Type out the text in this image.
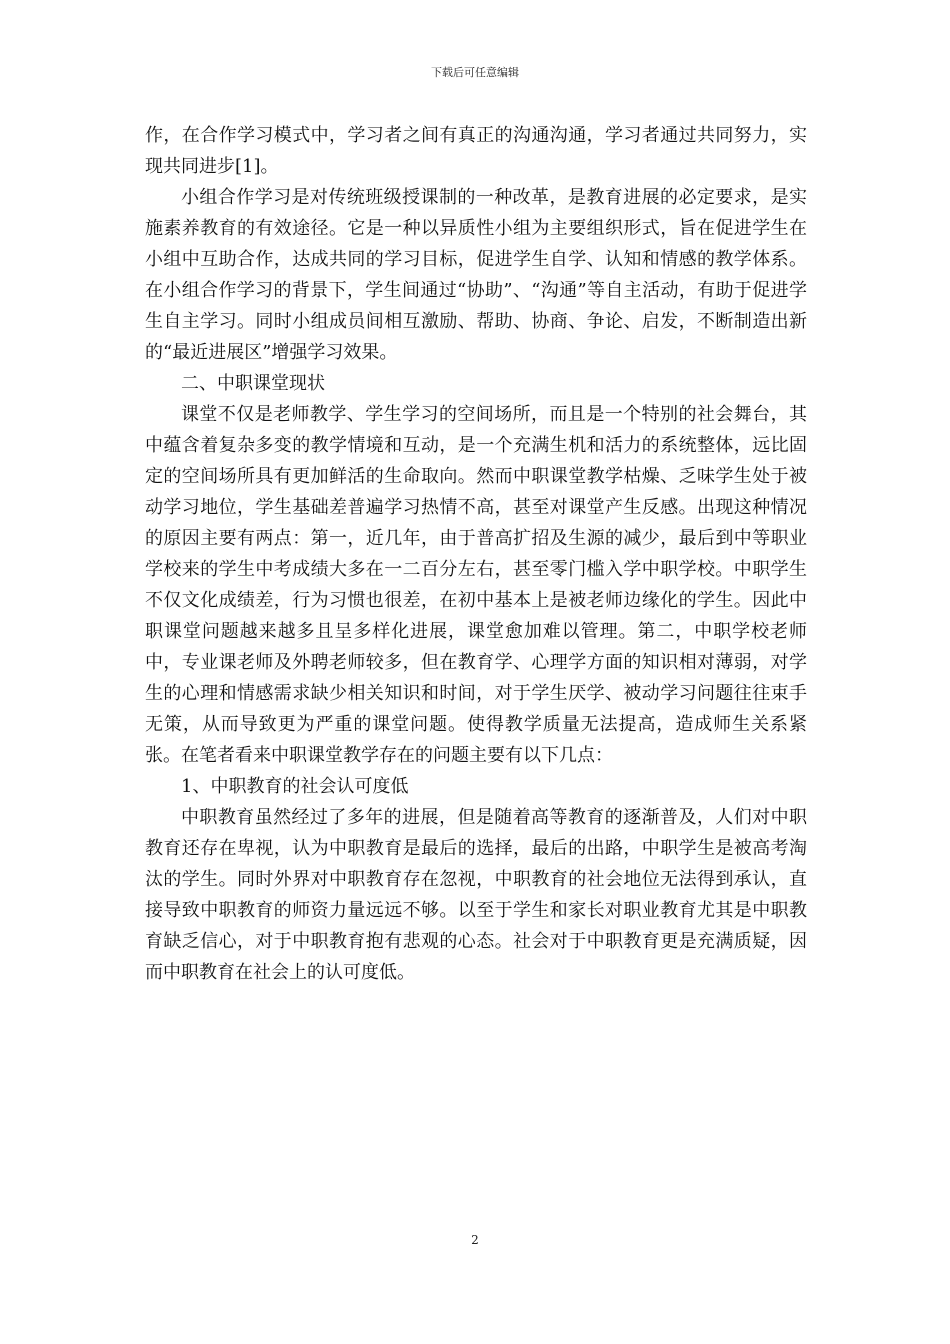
下载后可任意编辑

作，在合作学习模式中，学习者之间有真正的沟通沟通，学习者通过共同努力，实现共同进步[1]。

小组合作学习是对传统班级授课制的一种改革，是教育进展的必定要求，是实施素养教育的有效途径。它是一种以异质性小组为主要组织形式，旨在促进学生在小组中互助合作，达成共同的学习目标，促进学生自学、认知和情感的教学体系。在小组合作学习的背景下，学生间通过“协助”、“沟通”等自主活动，有助于促进学生自主学习。同时小组成员间相互激励、帮助、协商、争论、启发，不断制造出新的“最近进展区”增强学习效果。

二、中职课堂现状

课堂不仅是老师教学、学生学习的空间场所，而且是一个特别的社会舞台，其中蕴含着复杂多变的教学情境和互动，是一个充满生机和活力的系统整体，远比固定的空间场所具有更加鲜活的生命取向。然而中职课堂教学枯燥、乏味学生处于被动学习地位，学生基础差普遍学习热情不高，甚至对课堂产生反感。出现这种情况的原因主要有两点：第一，近几年，由于普高扩招及生源的减少，最后到中等职业学校来的学生中考成绩大多在一二百分左右，甚至零门槛入学中职学校。中职学生不仅文化成绩差，行为习惯也很差，在初中基本上是被老师边缘化的学生。因此中职课堂问题越来越多且呈多样化进展，课堂愈加难以管理。第二，中职学校老师中，专业课老师及外聘老师较多，但在教育学、心理学方面的知识相对薄弱，对学生的心理和情感需求缺少相关知识和时间，对于学生厌学、被动学习问题往往束手无策，从而导致更为严重的课堂问题。使得教学质量无法提高，造成师生关系紧张。在笔者看来中职课堂教学存在的问题主要有以下几点：

1、中职教育的社会认可度低

中职教育虽然经过了多年的进展，但是随着高等教育的逐渐普及，人们对中职教育还存在卑视，认为中职教育是最后的选择，最后的出路，中职学生是被高考淘汰的学生。同时外界对中职教育存在忽视，中职教育的社会地位无法得到承认，直接导致中职教育的师资力量远远不够。以至于学生和家长对职业教育尤其是中职教育缺乏信心，对于中职教育抱有悲观的心态。社会对于中职教育更是充满质疑，因而中职教育在社会上的认可度低。

2
